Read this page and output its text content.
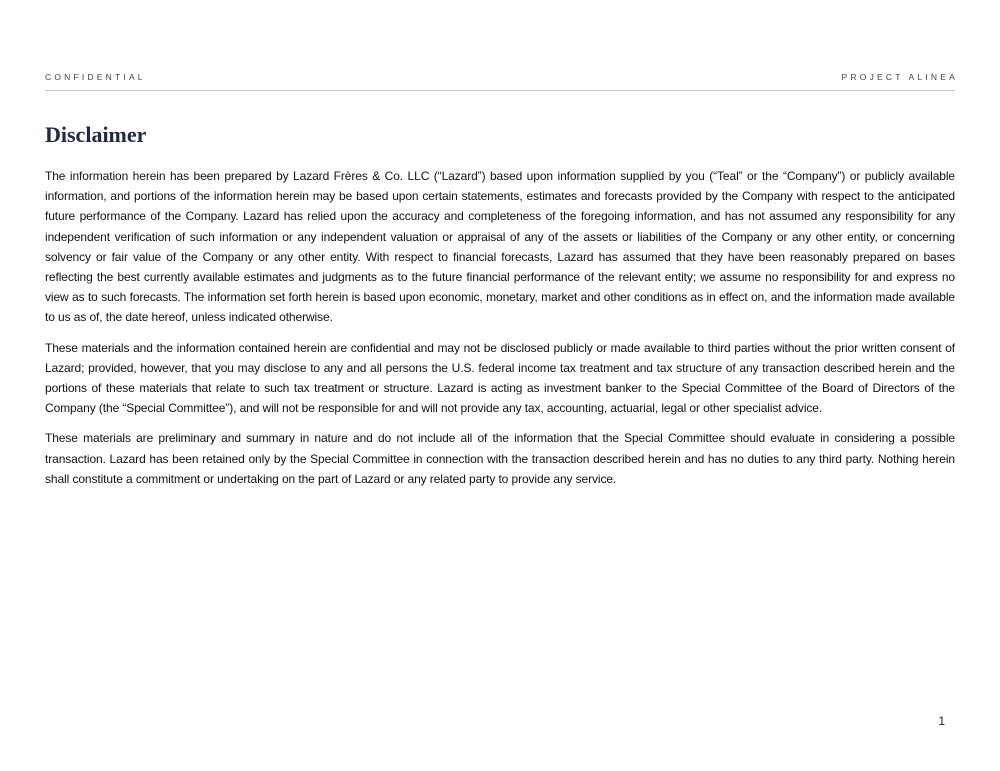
CONFIDENTIAL	PROJECT ALINEA
Disclaimer

The information herein has been prepared by Lazard Frères & Co. LLC (“Lazard”) based upon information supplied by you (“Teal” or the “Company”) or publicly available information, and portions of the information herein may be based upon certain statements, estimates and forecasts provided by the Company with respect to the anticipated future performance of the Company. Lazard has relied upon the accuracy and completeness of the foregoing information, and has not assumed any responsibility for any independent verification of such information or any independent valuation or appraisal of any of the assets or liabilities of the Company or any other entity, or concerning solvency or fair value of the Company or any other entity. With respect to financial forecasts, Lazard has assumed that they have been reasonably prepared on bases reflecting the best currently available estimates and judgments as to the future financial performance of the relevant entity; we assume no responsibility for and express no view as to such forecasts. The information set forth herein is based upon economic, monetary, market and other conditions as in effect on, and the information made available to us as of, the date hereof, unless indicated otherwise.

These materials and the information contained herein are confidential and may not be disclosed publicly or made available to third parties without the prior written consent of Lazard; provided, however, that you may disclose to any and all persons the U.S. federal income tax treatment and tax structure of any transaction described herein and the portions of these materials that relate to such tax treatment or structure. Lazard is acting as investment banker to the Special Committee of the Board of Directors of the Company (the “Special Committee”), and will not be responsible for and will not provide any tax, accounting, actuarial, legal or other specialist advice.

These materials are preliminary and summary in nature and do not include all of the information that the Special Committee should evaluate in considering a possible transaction. Lazard has been retained only by the Special Committee in connection with the transaction described herein and has no duties to any third party. Nothing herein shall constitute a commitment or undertaking on the part of Lazard or any related party to provide any service.

1
